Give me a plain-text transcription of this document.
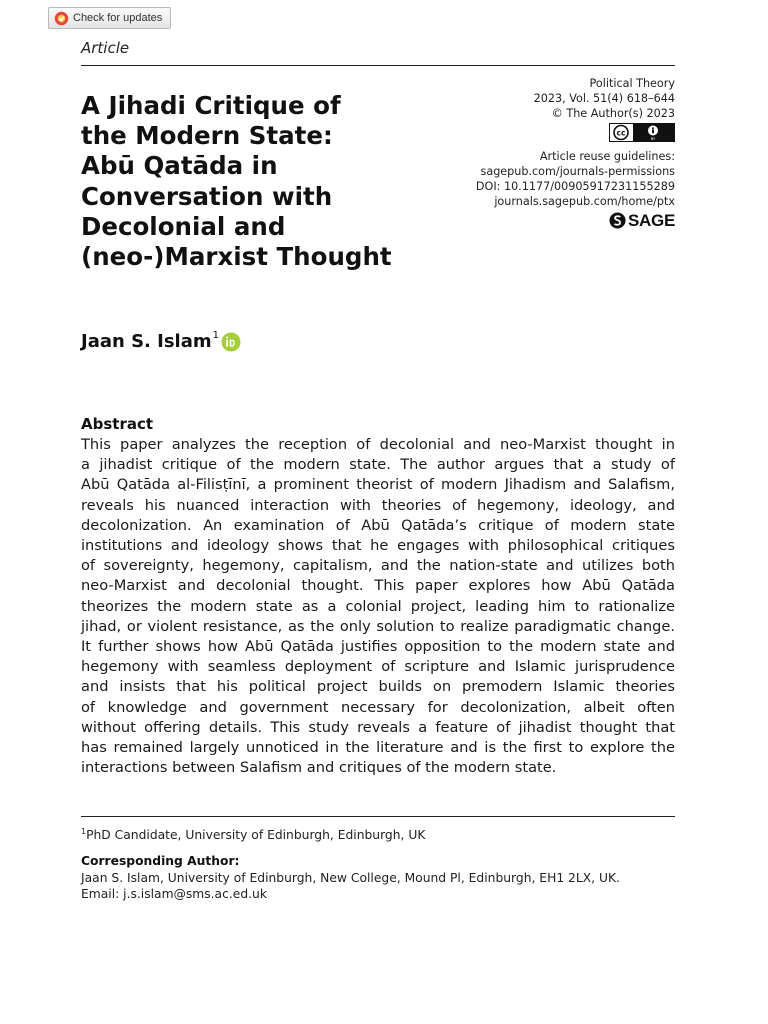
Check for updates
Article
A Jihadi Critique of
the Modern State:
Abū Qatāda in
Conversation with
Decolonial and
(neo-)Marxist Thought
Political Theory
2023, Vol. 51(4) 618–644
© The Author(s) 2023
cc
BY
Article reuse guidelines:
sagepub.com/journals-permissions
DOI: 10.1177/00905917231155289
journals.sagepub.com/home/ptx
SAGE
Jaan S. Islam$^1$
Abstract

This paper analyzes the reception of decolonial and neo-Marxist thought in
a jihadist critique of the modern state. The author argues that a study of
Abū Qatāda al-Filisṭīnī, a prominent theorist of modern Jihadism and Salafism,
reveals his nuanced interaction with theories of hegemony, ideology, and
decolonization. An examination of Abū Qatāda’s critique of modern state
institutions and ideology shows that he engages with philosophical critiques
of sovereignty, hegemony, capitalism, and the nation-state and utilizes both
neo-Marxist and decolonial thought. This paper explores how Abū Qatāda
theorizes the modern state as a colonial project, leading him to rationalize
jihad, or violent resistance, as the only solution to realize paradigmatic change.
It further shows how Abū Qatāda justifies opposition to the modern state and
hegemony with seamless deployment of scripture and Islamic jurisprudence
and insists that his political project builds on premodern Islamic theories
of knowledge and government necessary for decolonization, albeit often
without offering details. This study reveals a feature of jihadist thought that
has remained largely unnoticed in the literature and is the first to explore the
interactions between Salafism and critiques of the modern state.

$^1$PhD Candidate, University of Edinburgh, Edinburgh, UK
Corresponding Author:
Jaan S. Islam, University of Edinburgh, New College, Mound Pl, Edinburgh, EH1 2LX, UK.
Email: j.s.islam@sms.ac.ed.uk
